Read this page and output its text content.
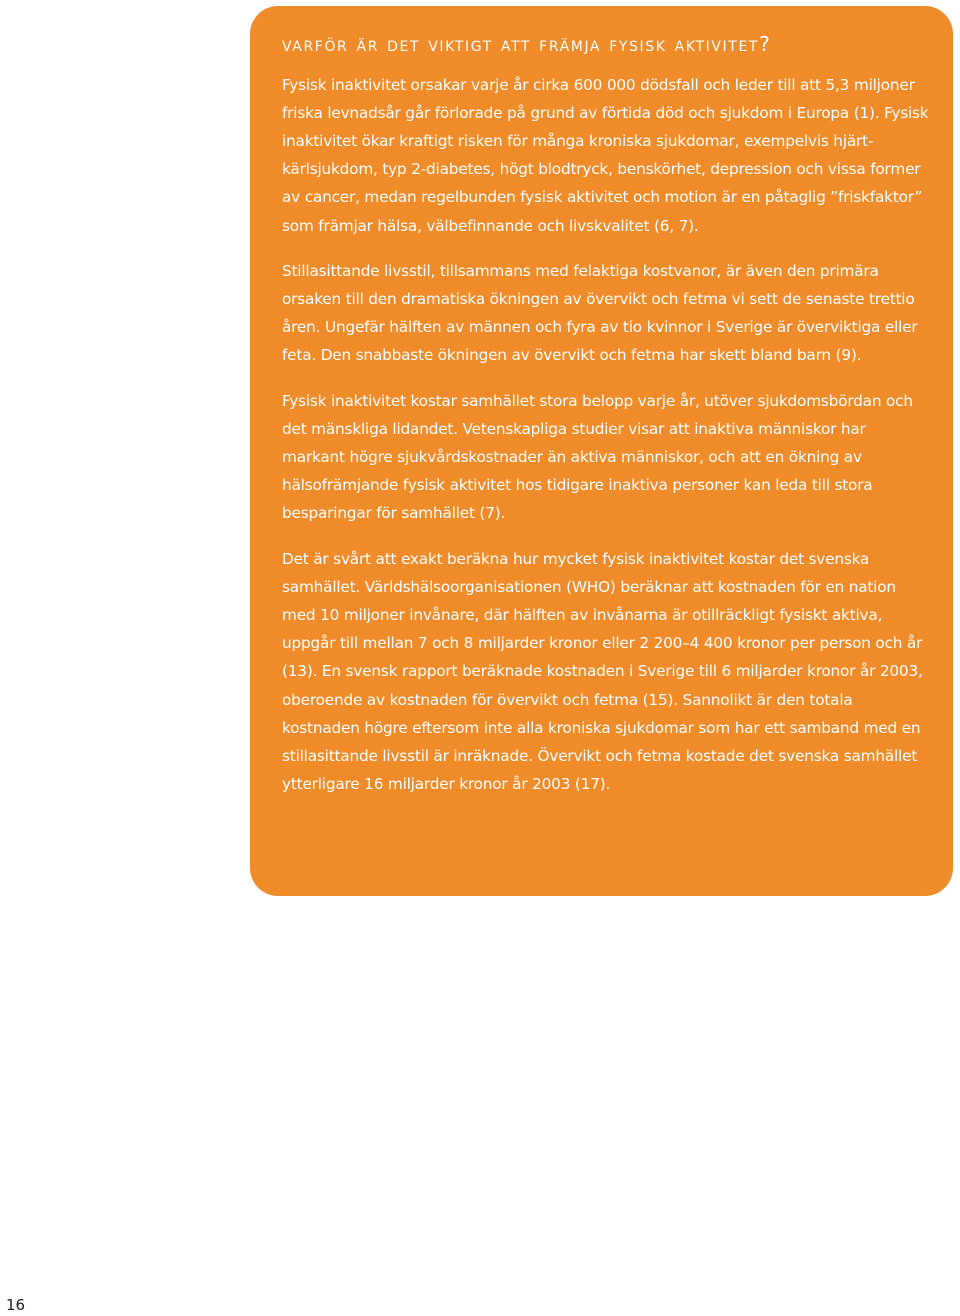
varför är det viktigt att främja fysisk aktivitet?

Fysisk inaktivitet orsakar varje år cirka 600 000 dödsfall och leder till att 5,3 miljoner friska levnadsår går förlorade på grund av förtida död och sjukdom i Europa (1). Fysisk inaktivitet ökar kraftigt risken för många kroniska sjukdomar, exempelvis hjärt-kärlsjukdom, typ 2-diabetes, högt blodtryck, benskörhet, depression och vissa former av cancer, medan regelbunden fysisk aktivitet och motion är en påtaglig ”friskfaktor” som främjar hälsa, välbefinnande och livskvalitet (6, 7).

Stillasittande livsstil, tillsammans med felaktiga kostvanor, är även den primära orsaken till den dramatiska ökningen av övervikt och fetma vi sett de senaste trettio åren. Ungefär hälften av männen och fyra av tio kvinnor i Sverige är överviktiga eller feta. Den snabbaste ökningen av övervikt och fetma har skett bland barn (9).

Fysisk inaktivitet kostar samhället stora belopp varje år, utöver sjukdomsbördan och det mänskliga lidandet. Vetenskapliga studier visar att inaktiva människor har markant högre sjukvårdskostnader än aktiva människor, och att en ökning av hälsofrämjande fysisk aktivitet hos tidigare inaktiva personer kan leda till stora besparingar för samhället (7).

Det är svårt att exakt beräkna hur mycket fysisk inaktivitet kostar det svenska samhället. Världshälsoorganisationen (WHO) beräknar att kostnaden för en nation med 10 miljoner invånare, där hälften av invånarna är otillräckligt fysiskt aktiva, uppgår till mellan 7 och 8 miljarder kronor eller 2 200–4 400 kronor per person och år (13). En svensk rapport beräknade kostnaden i Sverige till 6 miljarder kronor år 2003, oberoende av kostnaden för övervikt och fetma (15). Sannolikt är den totala kostnaden högre eftersom inte alla kroniska sjukdomar som har ett samband med en stillasittande livsstil är inräknade. Övervikt och fetma kostade det svenska samhället ytterligare 16 miljarder kronor år 2003 (17).

16
